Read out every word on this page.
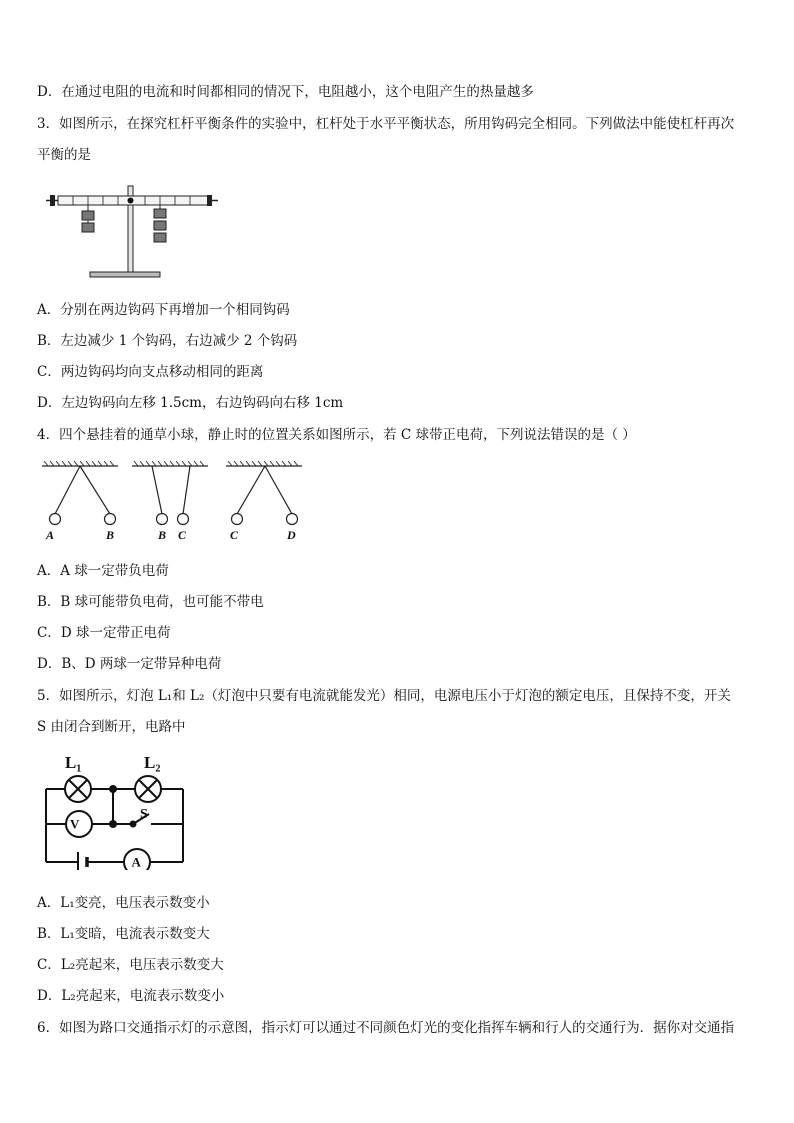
D．在通过电阻的电流和时间都相同的情况下，电阻越小，这个电阻产生的热量越多
3．如图所示，在探究杠杆平衡条件的实验中，杠杆处于水平平衡状态，所用钩码完全相同。下列做法中能使杠杆再次
平衡的是
A．分别在两边钩码下再增加一个相同钩码
B．左边减少 1 个钩码，右边减少 2 个钩码
C．两边钩码均向支点移动相同的距离
D．左边钩码向左移 1.5cm，右边钩码向右移 1cm
4．四个悬挂着的通草小球，静止时的位置关系如图所示，若 C 球带正电荷，下列说法错误的是（ ）
A	B	B C	C	D
A．A 球一定带负电荷
B．B 球可能带负电荷，也可能不带电
C．D 球一定带正电荷
D．B、D 两球一定带异种电荷
5．如图所示，灯泡 L₁和 L₂（灯泡中只要有电流就能发光）相同，电源电压小于灯泡的额定电压，且保持不变，开关
S 由闭合到断开，电路中
V
A
L₁	L₂
S
A．L₁变亮，电压表示数变小
B．L₁变暗，电流表示数变大
C．L₂亮起来，电压表示数变大
D．L₂亮起来，电流表示数变小
6．如图为路口交通指示灯的示意图，指示灯可以通过不同颜色灯光的变化指挥车辆和行人的交通行为．据你对交通指
